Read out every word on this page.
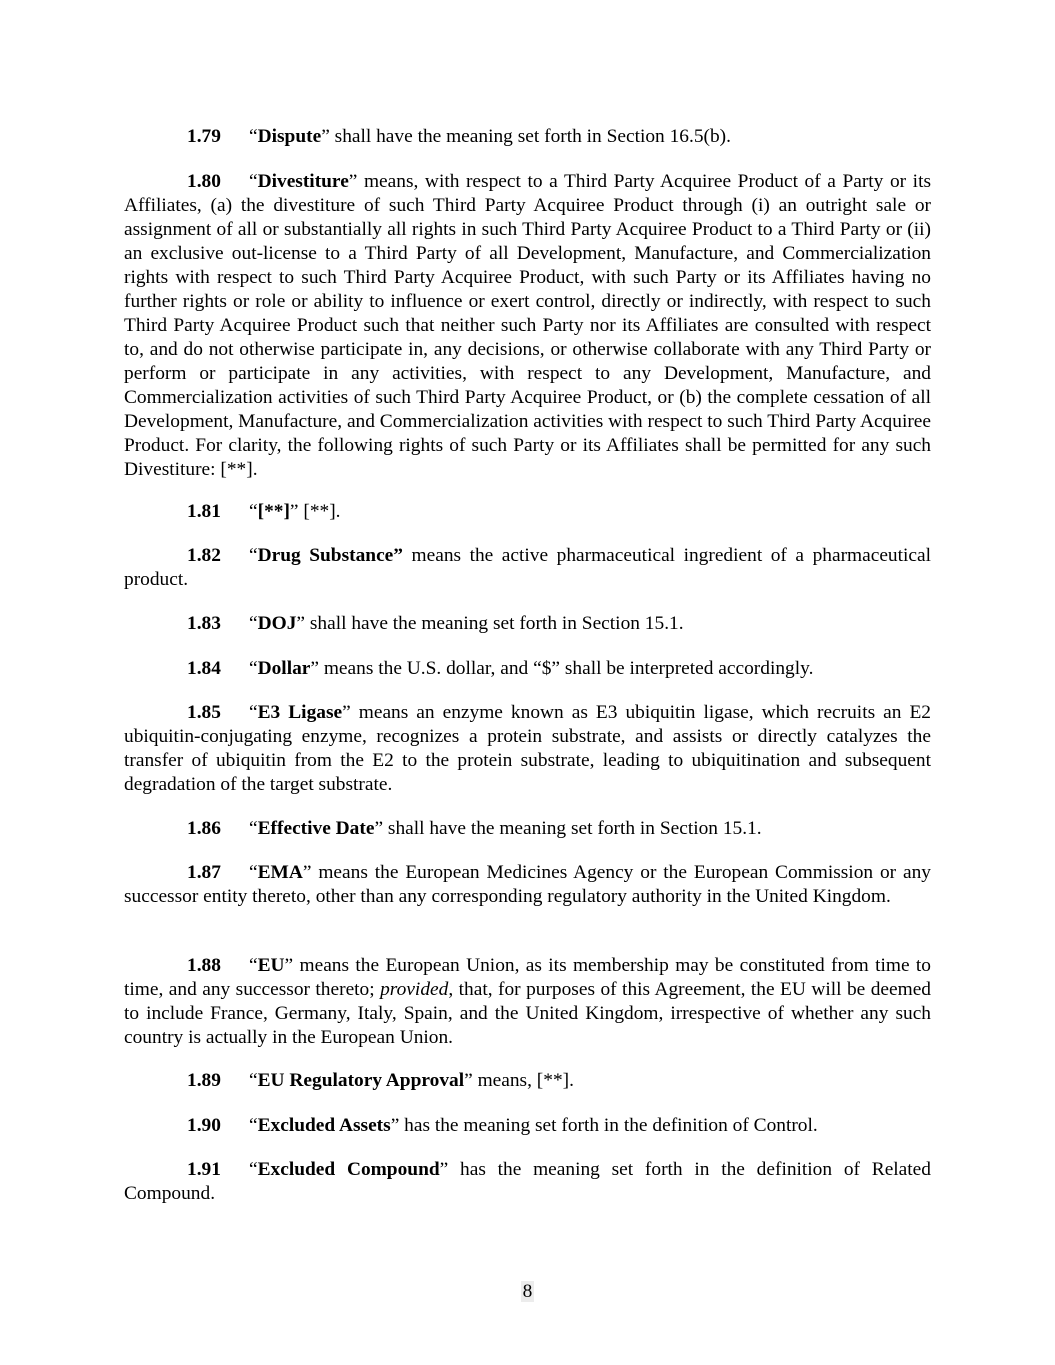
1.79 “Dispute” shall have the meaning set forth in Section 16.5(b).

1.80 “Divestiture” means, with respect to a Third Party Acquiree Product of a Party or its Affiliates, (a) the divestiture of such Third Party Acquiree Product through (i) an outright sale or assignment of all or substantially all rights in such Third Party Acquiree Product to a Third Party or (ii) an exclusive out-license to a Third Party of all Development, Manufacture, and Commercialization rights with respect to such Third Party Acquiree Product, with such Party or its Affiliates having no further rights or role or ability to influence or exert control, directly or indirectly, with respect to such Third Party Acquiree Product such that neither such Party nor its Affiliates are consulted with respect to, and do not otherwise participate in, any decisions, or otherwise collaborate with any Third Party or perform or participate in any activities, with respect to any Development, Manufacture, and Commercialization activities of such Third Party Acquiree Product, or (b) the complete cessation of all Development, Manufacture, and Commercialization activities with respect to such Third Party Acquiree Product. For clarity, the following rights of such Party or its Affiliates shall be permitted for any such Divestiture: [**].

1.81 “[**]” [**].

1.82 “Drug Substance” means the active pharmaceutical ingredient of a pharmaceutical product.

1.83 “DOJ” shall have the meaning set forth in Section 15.1.

1.84 “Dollar” means the U.S. dollar, and “$” shall be interpreted accordingly.

1.85 “E3 Ligase” means an enzyme known as E3 ubiquitin ligase, which recruits an E2 ubiquitin-conjugating enzyme, recognizes a protein substrate, and assists or directly catalyzes the transfer of ubiquitin from the E2 to the protein substrate, leading to ubiquitination and subsequent degradation of the target substrate.

1.86 “Effective Date” shall have the meaning set forth in Section 15.1.

1.87 “EMA” means the European Medicines Agency or the European Commission or any successor entity thereto, other than any corresponding regulatory authority in the United Kingdom.

1.88 “EU” means the European Union, as its membership may be constituted from time to time, and any successor thereto; provided, that, for purposes of this Agreement, the EU will be deemed to include France, Germany, Italy, Spain, and the United Kingdom, irrespective of whether any such country is actually in the European Union.

1.89 “EU Regulatory Approval” means, [**].

1.90 “Excluded Assets” has the meaning set forth in the definition of Control.

1.91 “Excluded Compound” has the meaning set forth in the definition of Related Compound.

8
